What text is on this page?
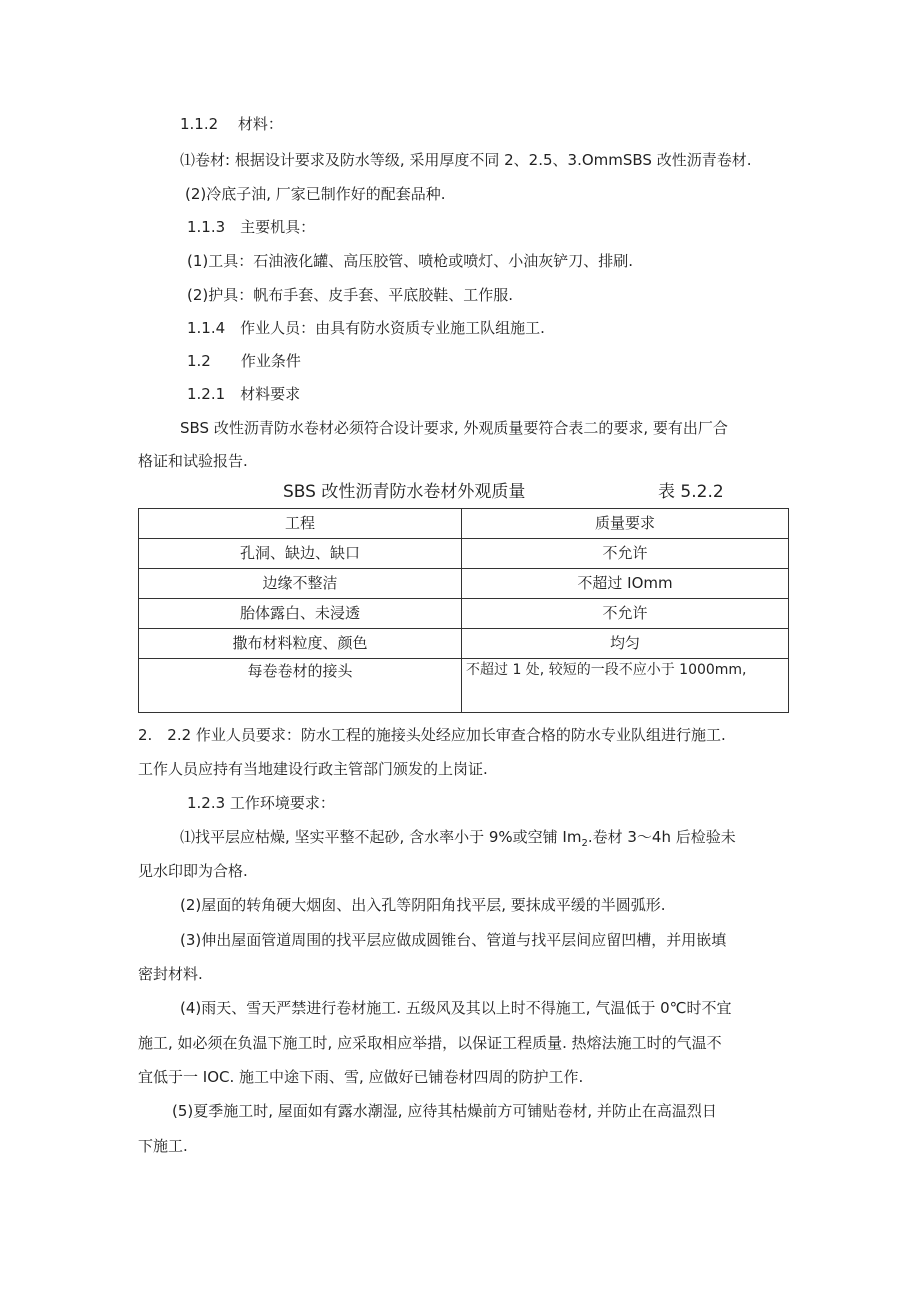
1.1.2　 材料：
⑴卷材: 根据设计要求及防水等级, 采用厚度不同 2、2.5、3.OmmSBS 改性沥青卷材.
(2)冷底子油, 厂家已制作好的配套品种.
1.1.3　主要机具：
(1)工具：石油液化罐、高压胶管、喷枪或喷灯、小油灰铲刀、排刷.
(2)护具：帆布手套、皮手套、平底胶鞋、工作服.
1.1.4　作业人员：由具有防水资质专业施工队组施工.
1.2　　作业条件
1.2.1　材料要求
SBS 改性沥青防水卷材必须符合设计要求, 外观质量要符合表二的要求, 要有出厂合
格证和试验报告.
SBS 改性沥青防水卷材外观质量	表 5.2.2
工程	质量要求
孔洞、缺边、缺口	不允许
边缘不整洁	不超过 IOmm
胎体露白、未浸透	不允许
撒布材料粒度、颜色	均匀
每卷卷材的接头	不超过 1 处, 较短的一段不应小于 1000mm,
2.　2.2 作业人员要求：防水工程的施接头处经应加长审查合格的防水专业队组进行施工.
工作人员应持有当地建设行政主管部门颁发的上岗证.
1.2.3 工作环境要求：
⑴找平层应枯燥, 坚实平整不起砂, 含水率小于 9%或空铺 $Im_2$.卷材 3～4h 后检验未
见水印即为合格.
(2)屋面的转角硬大烟囱、出入孔等阴阳角找平层, 要抹成平缓的半圆弧形.
(3)伸出屋面管道周围的找平层应做成圆锥台、管道与找平层间应留凹槽，并用嵌填
密封材料.
(4)雨天、雪天严禁进行卷材施工. 五级风及其以上时不得施工, 气温低于 0℃时不宜
施工, 如必须在负温下施工时, 应采取相应举措，以保证工程质量. 热熔法施工时的气温不
宜低于一 IOC. 施工中途下雨、雪, 应做好已铺卷材四周的防护工作.
(5)夏季施工时, 屋面如有露水潮湿, 应待其枯燥前方可铺贴卷材, 并防止在高温烈日
下施工.
